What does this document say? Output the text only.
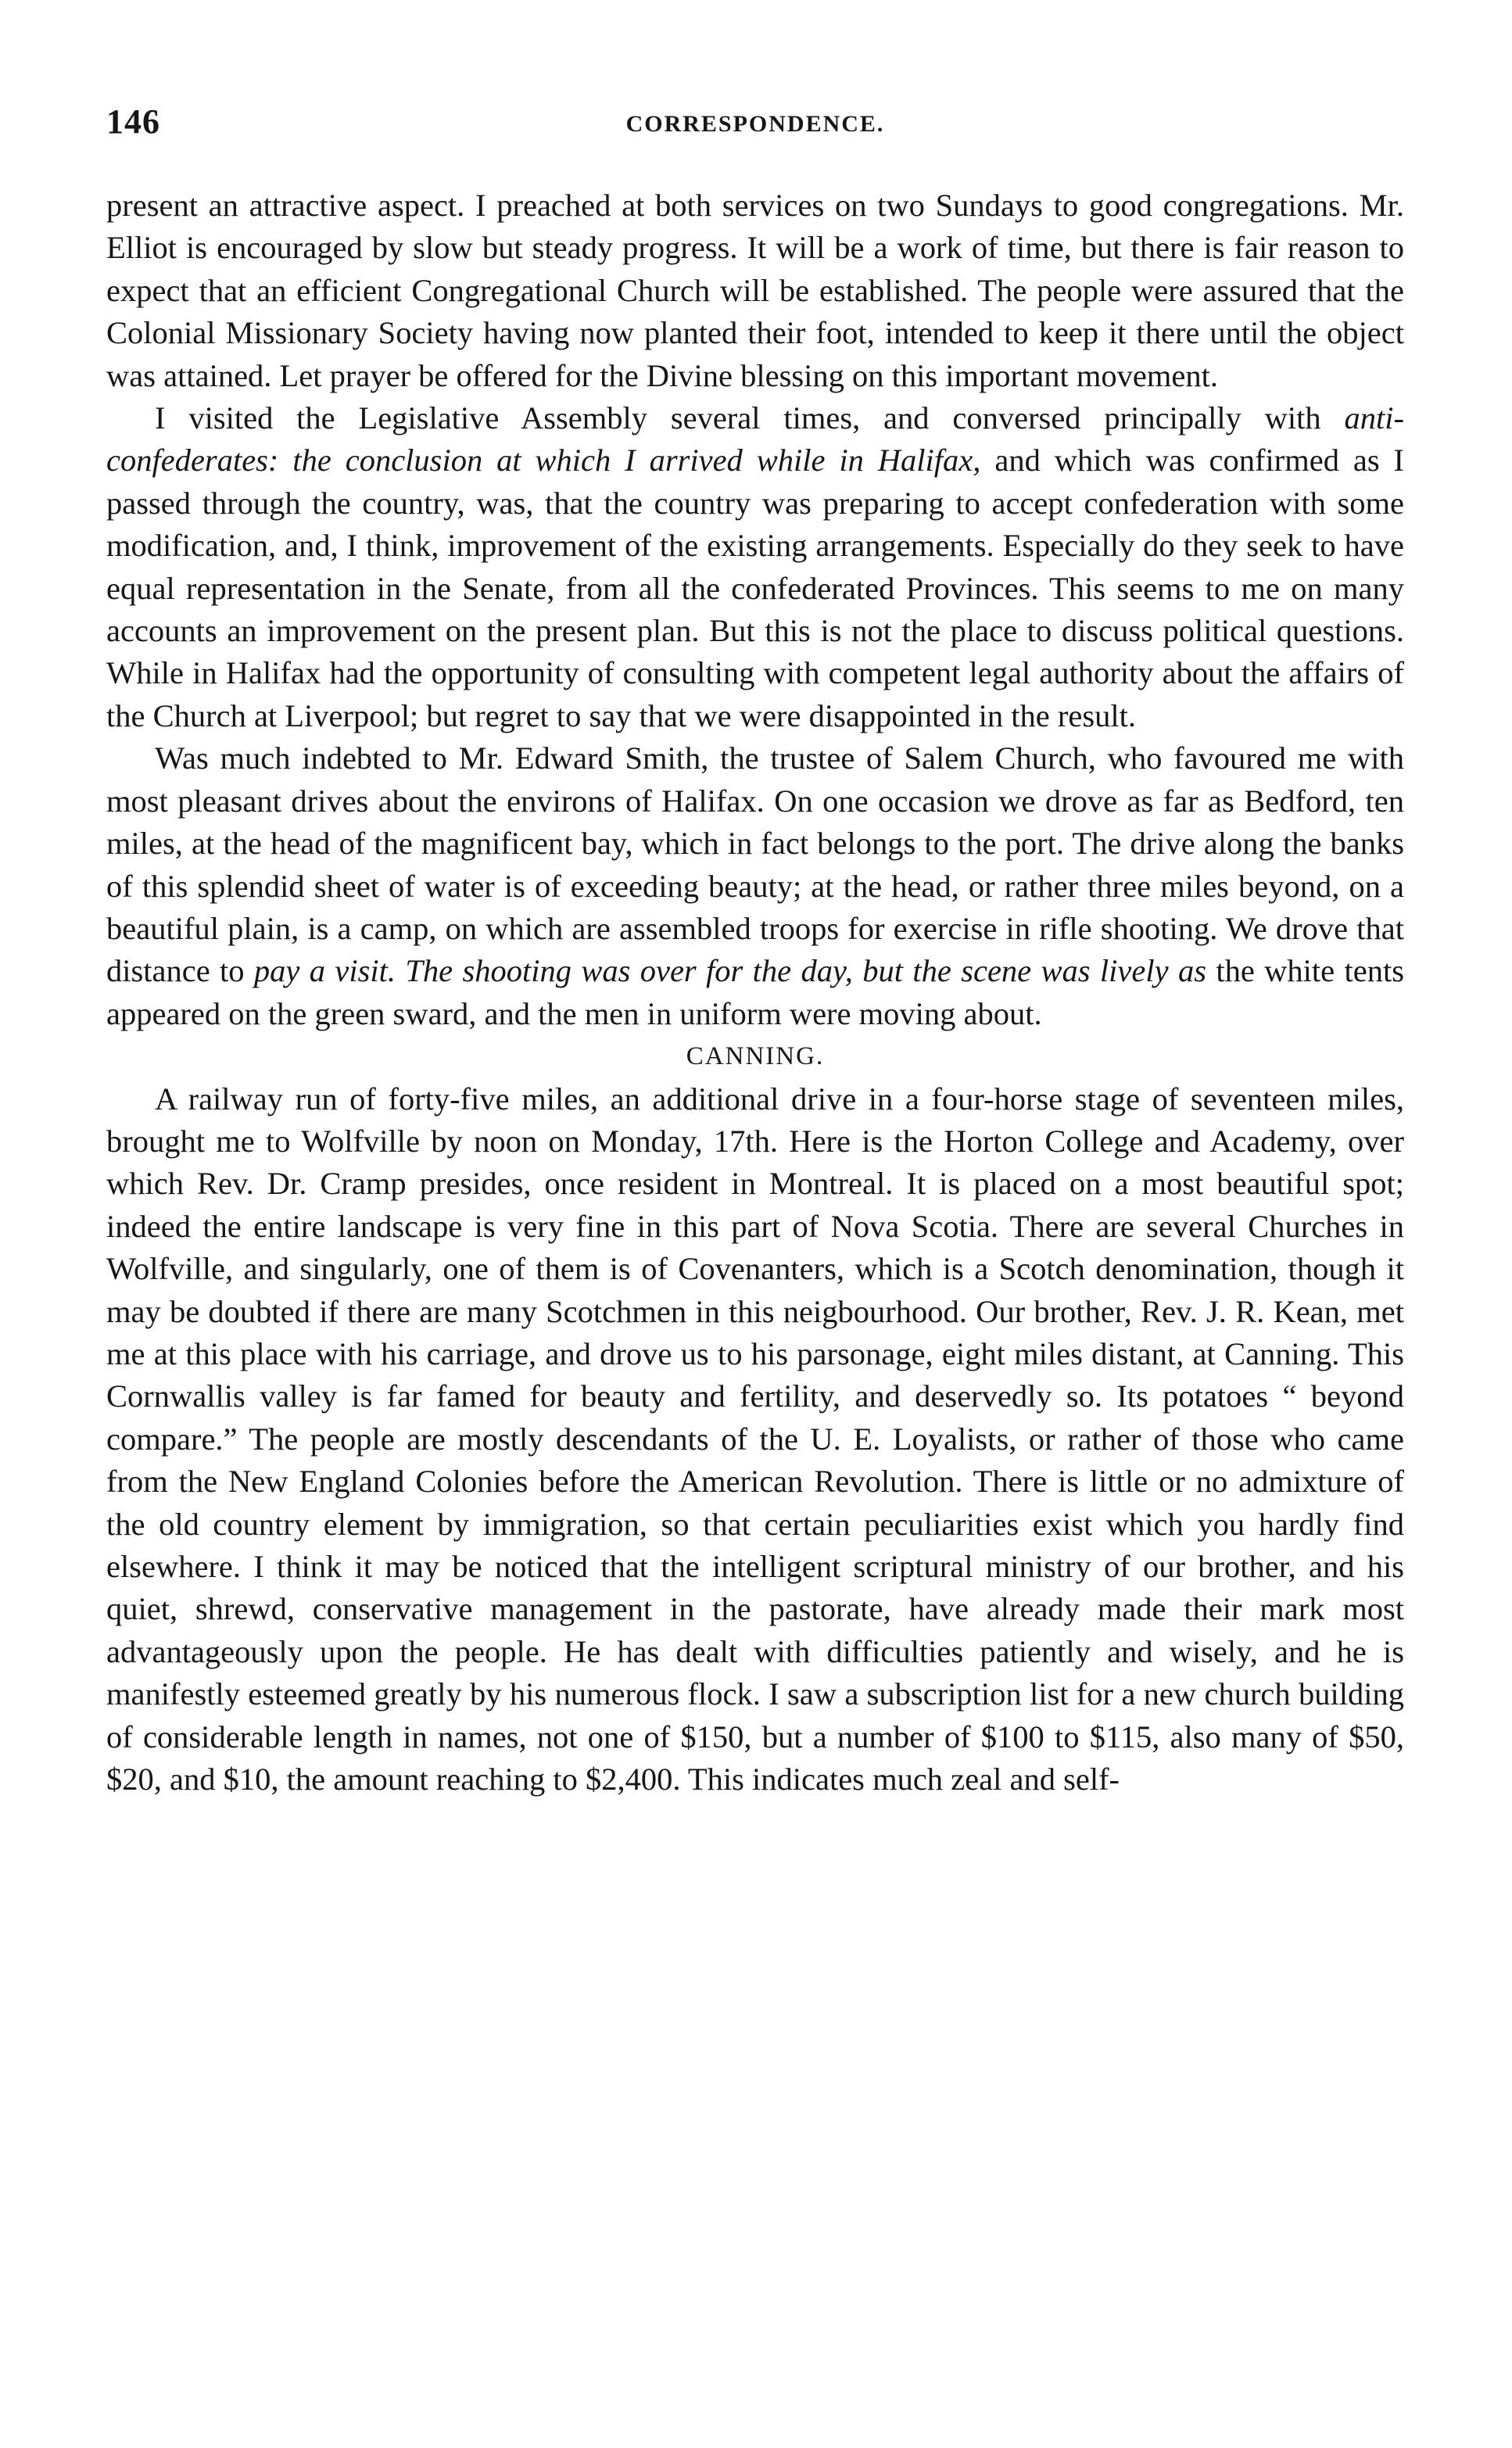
146	CORRESPONDENCE.

present an attractive aspect. I preached at both services on two Sundays to good congregations. Mr. Elliot is encouraged by slow but steady progress. It will be a work of time, but there is fair reason to expect that an efficient Congregational Church will be established. The people were assured that the Colonial Missionary Society having now planted their foot, intended to keep it there until the object was attained. Let prayer be offered for the Divine blessing on this important movement.

I visited the Legislative Assembly several times, and conversed principally with anti-confederates: the conclusion at which I arrived while in Halifax, and which was confirmed as I passed through the country, was, that the country was preparing to accept confederation with some modification, and, I think, improvement of the existing arrangements. Especially do they seek to have equal representation in the Senate, from all the confederated Provinces. This seems to me on many accounts an improvement on the present plan. But this is not the place to discuss political questions. While in Halifax had the opportunity of consulting with competent legal authority about the affairs of the Church at Liverpool; but regret to say that we were disappointed in the result.

Was much indebted to Mr. Edward Smith, the trustee of Salem Church, who favoured me with most pleasant drives about the environs of Halifax. On one occasion we drove as far as Bedford, ten miles, at the head of the magnificent bay, which in fact belongs to the port. The drive along the banks of this splendid sheet of water is of exceeding beauty; at the head, or rather three miles beyond, on a beautiful plain, is a camp, on which are assembled troops for exercise in rifle shooting. We drove that distance to pay a visit. The shooting was over for the day, but the scene was lively as the white tents appeared on the green sward, and the men in uniform were moving about.

CANNING.

A railway run of forty-five miles, an additional drive in a four-horse stage of seventeen miles, brought me to Wolfville by noon on Monday, 17th. Here is the Horton College and Academy, over which Rev. Dr. Cramp presides, once resident in Montreal. It is placed on a most beautiful spot; indeed the entire landscape is very fine in this part of Nova Scotia. There are several Churches in Wolfville, and singularly, one of them is of Covenanters, which is a Scotch denomination, though it may be doubted if there are many Scotchmen in this neigbourhood. Our brother, Rev. J. R. Kean, met me at this place with his carriage, and drove us to his parsonage, eight miles distant, at Canning. This Cornwallis valley is far famed for beauty and fertility, and deservedly so. Its potatoes “ beyond compare.” The people are mostly descendants of the U. E. Loyalists, or rather of those who came from the New England Colonies before the American Revolution. There is little or no admixture of the old country element by immigration, so that certain peculiarities exist which you hardly find elsewhere. I think it may be noticed that the intelligent scriptural ministry of our brother, and his quiet, shrewd, conservative management in the pastorate, have already made their mark most advantageously upon the people. He has dealt with difficulties patiently and wisely, and he is manifestly esteemed greatly by his numerous flock. I saw a subscription list for a new church building of considerable length in names, not one of $150, but a number of $100 to $115, also many of $50, $20, and $10, the amount reaching to $2,400. This indicates much zeal and self-
